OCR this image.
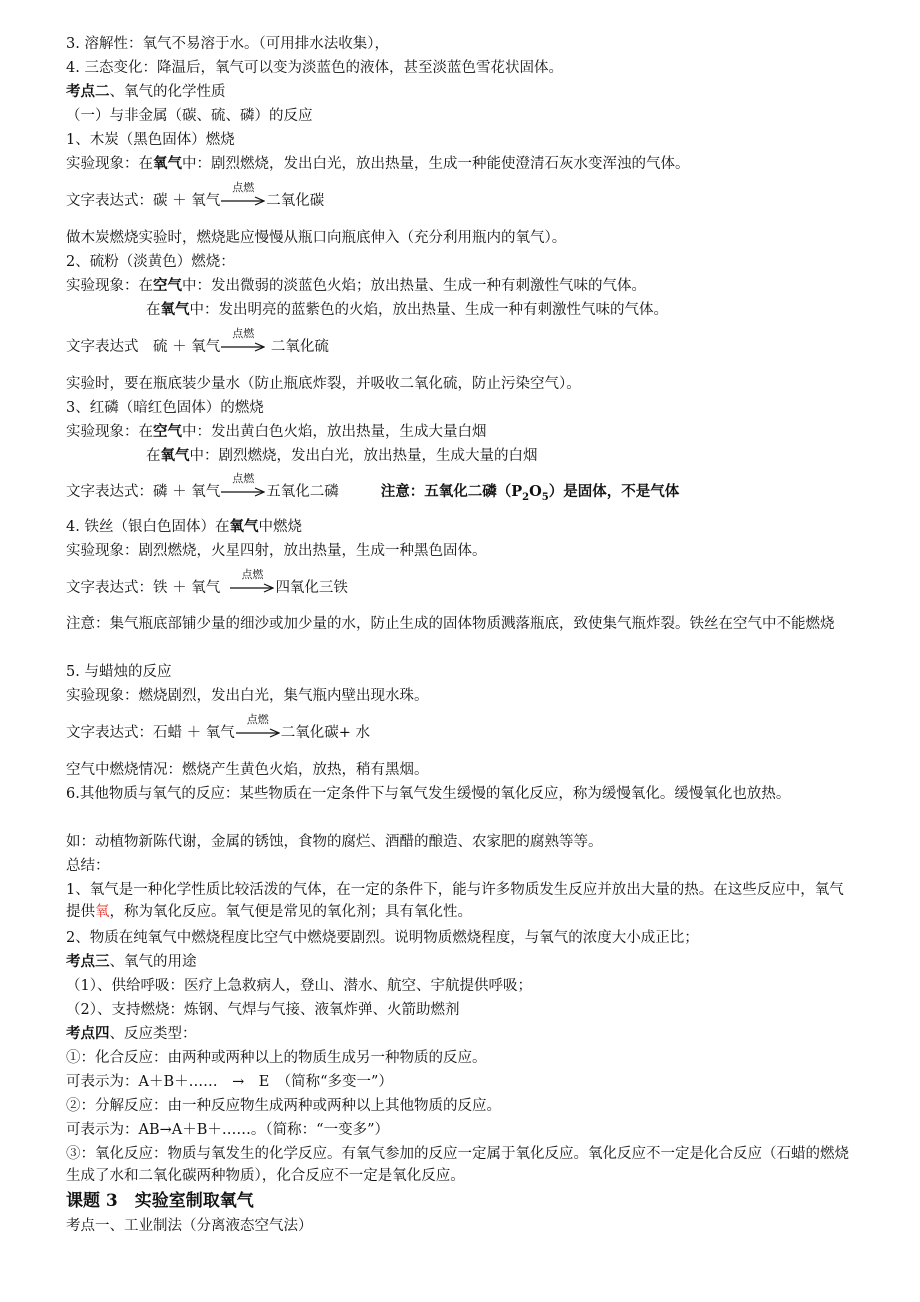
3. 溶解性：氧气不易溶于水。（可用排水法收集），
4. 三态变化：降温后，氧气可以变为淡蓝色的液体，甚至淡蓝色雪花状固体。
考点二、氧气的化学性质
（一）与非金属（碳、硫、磷）的反应
1、木炭（黑色固体）燃烧
实验现象：在氧气中：剧烈燃烧，发出白光，放出热量，生成一种能使澄清石灰水变浑浊的气体。
文字表达式：碳 ＋ 氧气
点燃
二氧化碳
做木炭燃烧实验时，燃烧匙应慢慢从瓶口向瓶底伸入（充分利用瓶内的氧气）。
2、硫粉（淡黄色）燃烧：
实验现象：在空气中：发出微弱的淡蓝色火焰；放出热量、生成一种有刺激性气味的气体。
在氧气中：发出明亮的蓝紫色的火焰，放出热量、生成一种有刺激性气味的气体。
文字表达式　硫 ＋ 氧气
点燃
二氧化硫
实验时，要在瓶底装少量水（防止瓶底炸裂，并吸收二氧化硫，防止污染空气）。
3、红磷（暗红色固体）的燃烧
实验现象：在空气中：发出黄白色火焰，放出热量，生成大量白烟
在氧气中：剧烈燃烧，发出白光，放出热量，生成大量的白烟
文字表达式：磷 ＋ 氧气
点燃
五氧化二磷	注意：五氧化二磷$(P_2O_5)$是固体，不是气体
4. 铁丝（银白色固体）在氧气中燃烧
实验现象：剧烈燃烧，火星四射，放出热量，生成一种黑色固体。
文字表达式：铁 ＋ 氧气
点燃
四氧化三铁
注意：集气瓶底部铺少量的细沙或加少量的水，防止生成的固体物质溅落瓶底，致使集气瓶炸裂。铁丝在空气中不能燃烧
5. 与蜡烛的反应
实验现象：燃烧剧烈，发出白光，集气瓶内壁出现水珠。
文字表达式：石蜡 ＋ 氧气
点燃
二氧化碳+ 水
空气中燃烧情况：燃烧产生黄色火焰，放热，稍有黑烟。
6.其他物质与氧气的反应：某些物质在一定条件下与氧气发生缓慢的氧化反应，称为缓慢氧化。缓慢氧化也放热。
如：动植物新陈代谢，金属的锈蚀，食物的腐烂、酒醋的酿造、农家肥的腐熟等等。
总结：
1、氧气是一种化学性质比较活泼的气体，在一定的条件下，能与许多物质发生反应并放出大量的热。在这些反应中，氧气提供氧，称为氧化反应。氧气便是常见的氧化剂；具有氧化性。
2、物质在纯氧气中燃烧程度比空气中燃烧要剧烈。说明物质燃烧程度，与氧气的浓度大小成正比；
考点三、氧气的用途
（1）、供给呼吸：医疗上急救病人，登山、潜水、航空、宇航提供呼吸；
（2）、支持燃烧：炼钢、气焊与气接、液氧炸弹、火箭助燃剂
考点四、反应类型：
①：化合反应：由两种或两种以上的物质生成另一种物质的反应。
可表示为：A＋B＋……　→　E　（简称“多变一”）
②：分解反应：由一种反应物生成两种或两种以上其他物质的反应。
可表示为：AB→A＋B＋……。（简称：“一变多”）
③：氧化反应：物质与氧发生的化学反应。有氧气参加的反应一定属于氧化反应。氧化反应不一定是化合反应（石蜡的燃烧生成了水和二氧化碳两种物质），化合反应不一定是氧化反应。
课题 3　实验室制取氧气
考点一、工业制法（分离液态空气法）
